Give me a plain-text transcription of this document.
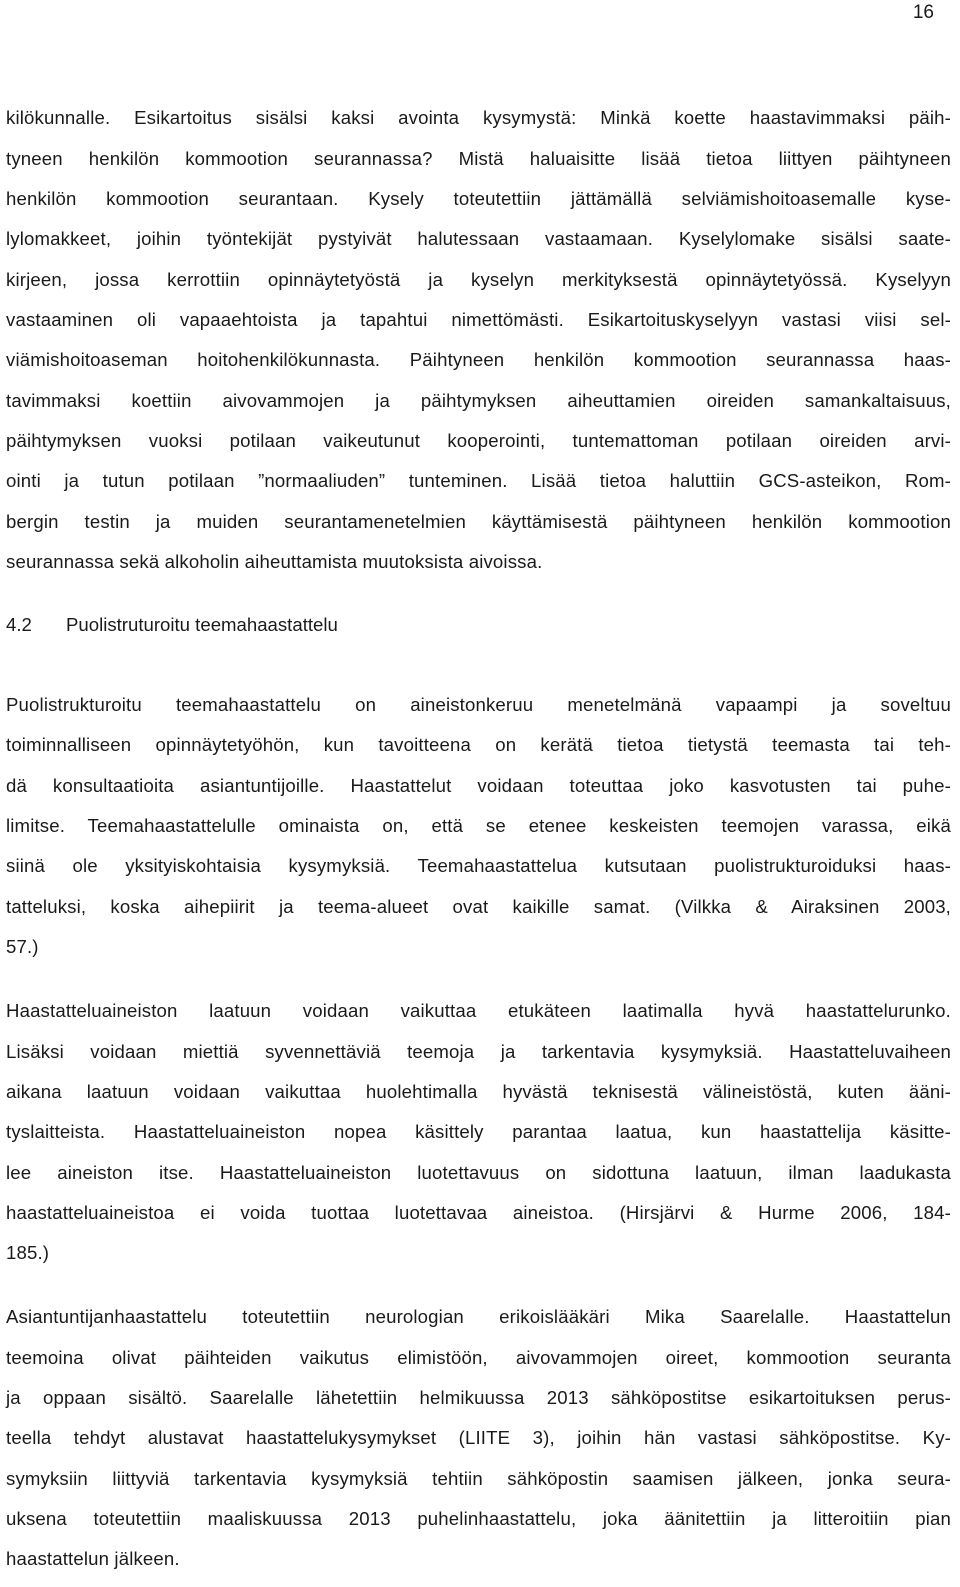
16
kilökunnalle. Esikartoitus sisälsi kaksi avointa kysymystä: Minkä koette haastavimmaksi päih-
tyneen henkilön kommootion seurannassa? Mistä haluaisitte lisää tietoa liittyen päihtyneen
henkilön kommootion seurantaan. Kysely toteutettiin jättämällä selviämishoitoasemalle kyse-
lylomakkeet, joihin työntekijät pystyivät halutessaan vastaamaan. Kyselylomake sisälsi saate-
kirjeen, jossa kerrottiin opinnäytetyöstä ja kyselyn merkityksestä opinnäytetyössä. Kyselyyn
vastaaminen oli vapaaehtoista ja tapahtui nimettömästi. Esikartoituskyselyyn vastasi viisi sel-
viämishoitoaseman hoitohenkilökunnasta. Päihtyneen henkilön kommootion seurannassa haas-
tavimmaksi koettiin aivovammojen ja päihtymyksen aiheuttamien oireiden samankaltaisuus,
päihtymyksen vuoksi potilaan vaikeutunut kooperointi, tuntemattoman potilaan oireiden arvi-
ointi ja tutun potilaan ”normaaliuden” tunteminen. Lisää tietoa haluttiin GCS-asteikon, Rom-
bergin testin ja muiden seurantamenetelmien käyttämisestä päihtyneen henkilön kommootion
seurannassa sekä alkoholin aiheuttamista muutoksista aivoissa.
4.2 Puolistruturoitu teemahaastattelu
Puolistrukturoitu teemahaastattelu on aineistonkeruu menetelmänä vapaampi ja soveltuu
toiminnalliseen opinnäytetyöhön, kun tavoitteena on kerätä tietoa tietystä teemasta tai teh-
dä konsultaatioita asiantuntijoille. Haastattelut voidaan toteuttaa joko kasvotusten tai puhe-
limitse. Teemahaastattelulle ominaista on, että se etenee keskeisten teemojen varassa, eikä
siinä ole yksityiskohtaisia kysymyksiä. Teemahaastattelua kutsutaan puolistrukturoiduksi haas-
tatteluksi, koska aihepiirit ja teema-alueet ovat kaikille samat. (Vilkka & Airaksinen 2003,
57.)
Haastatteluaineiston laatuun voidaan vaikuttaa etukäteen laatimalla hyvä haastattelurunko.
Lisäksi voidaan miettiä syvennettäviä teemoja ja tarkentavia kysymyksiä. Haastatteluvaiheen
aikana laatuun voidaan vaikuttaa huolehtimalla hyvästä teknisestä välineistöstä, kuten ääni-
tyslaitteista. Haastatteluaineiston nopea käsittely parantaa laatua, kun haastattelija käsitte-
lee aineiston itse. Haastatteluaineiston luotettavuus on sidottuna laatuun, ilman laadukasta
haastatteluaineistoa ei voida tuottaa luotettavaa aineistoa. (Hirsjärvi & Hurme 2006, 184-
185.)
Asiantuntijanhaastattelu toteutettiin neurologian erikoislääkäri Mika Saarelalle. Haastattelun
teemoina olivat päihteiden vaikutus elimistöön, aivovammojen oireet, kommootion seuranta
ja oppaan sisältö. Saarelalle lähetettiin helmikuussa 2013 sähköpostitse esikartoituksen perus-
teella tehdyt alustavat haastattelukysymykset (LIITE 3), joihin hän vastasi sähköpostitse. Ky-
symyksiin liittyviä tarkentavia kysymyksiä tehtiin sähköpostin saamisen jälkeen, jonka seura-
uksena toteutettiin maaliskuussa 2013 puhelinhaastattelu, joka äänitettiin ja litteroitiin pian
haastattelun jälkeen.
